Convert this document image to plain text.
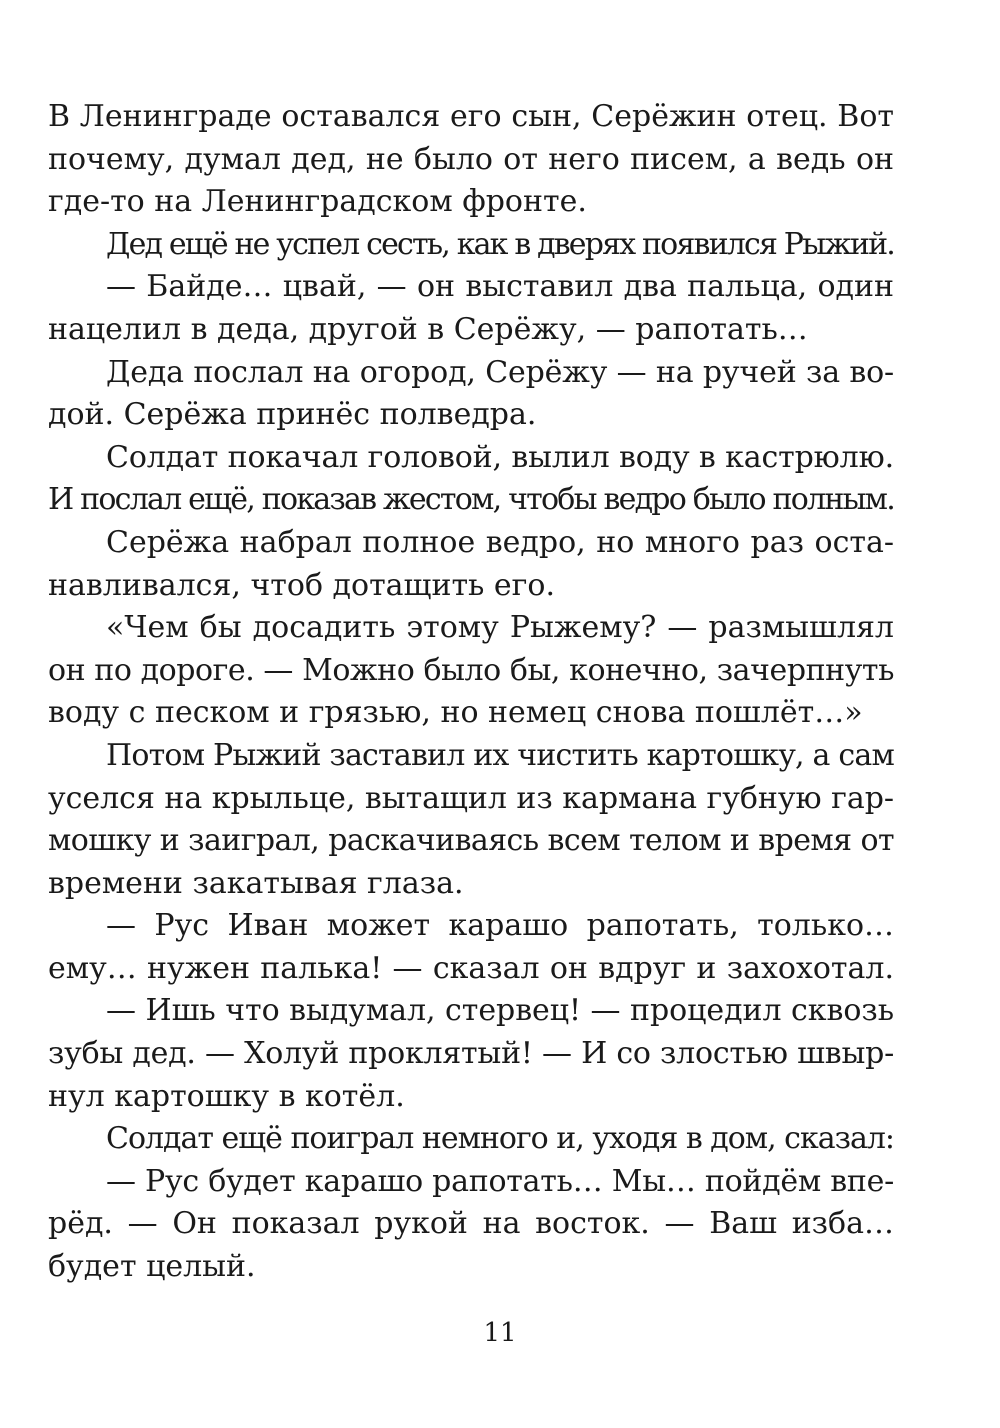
В Ленинграде оставался его сын, Серёжин отец. Вот
почему, думал дед, не было от него писем, а ведь он
где-то на Ленинградском фронте.
Дед ещё не успел сесть, как в дверях появился Рыжий.
— Байде… цвай, — он выставил два пальца, один
нацелил в деда, другой в Серёжу, — рапотать…
Деда послал на огород, Серёжу — на ручей за во-
дой. Серёжа принёс полведра.
Солдат покачал головой, вылил воду в кастрюлю.
И послал ещё, показав жестом, чтобы ведро было полным.
Серёжа набрал полное ведро, но много раз оста-
навливался, чтоб дотащить его.
«Чем бы досадить этому Рыжему? — размышлял
он по дороге. — Можно было бы, конечно, зачерпнуть
воду с песком и грязью, но немец снова пошлёт…»
Потом Рыжий заставил их чистить картошку, а сам
уселся на крыльце, вытащил из кармана губную гар-
мошку и заиграл, раскачиваясь всем телом и время от
времени закатывая глаза.
— Рус Иван может карашо рапотать, только…
ему… нужен палька! — сказал он вдруг и захохотал.
— Ишь что выдумал, стервец! — процедил сквозь
зубы дед. — Холуй проклятый! — И со злостью швыр-
нул картошку в котёл.
Солдат ещё поиграл немного и, уходя в дом, сказал:
— Рус будет карашо рапотать… Мы… пойдём впе-
рёд. — Он показал рукой на восток. — Ваш изба…
будет целый.
11
